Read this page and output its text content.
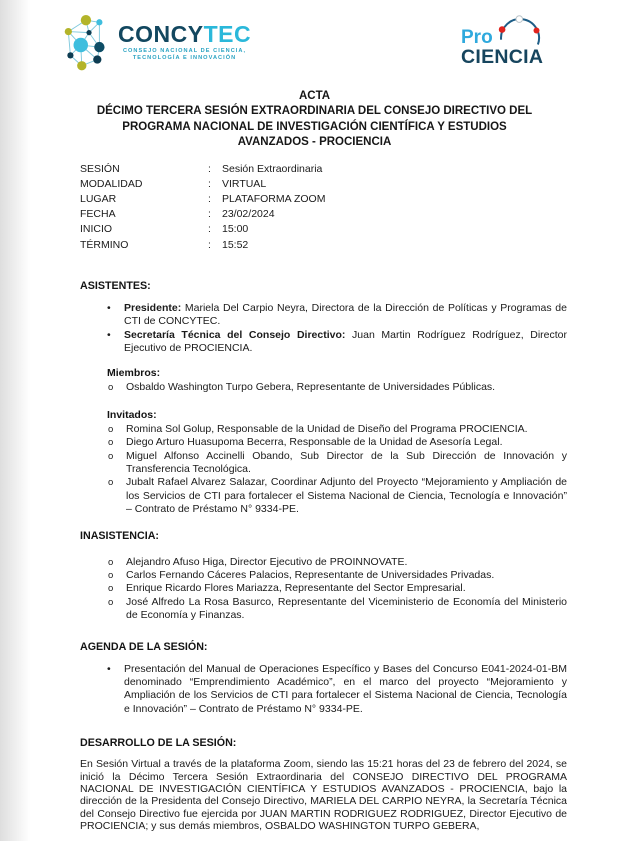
CONCYTEC
CONSEJO NACIONAL DE CIENCIA,
TECNOLOGÍA E INNOVACIÓN
Pro
CIENCIA
ACTA
DÉCIMO TERCERA SESIÓN EXTRAORDINARIA DEL CONSEJO DIRECTIVO DEL
PROGRAMA NACIONAL DE INVESTIGACIÓN CIENTÍFICA Y ESTUDIOS
AVANZADOS - PROCIENCIA
SESIÓN	:	Sesión Extraordinaria
MODALIDAD	:	VIRTUAL
LUGAR	:	PLATAFORMA ZOOM
FECHA	:	23/02/2024
INICIO	:	15:00
TÉRMINO	:	15:52
ASISTENTES:
•	Presidente: Mariela Del Carpio Neyra, Directora de la Dirección de Políticas y Programas de CTI de CONCYTEC.
•	Secretaría Técnica del Consejo Directivo: Juan Martin Rodríguez Rodríguez, Director Ejecutivo de PROCIENCIA.
Miembros:
o	Osbaldo Washington Turpo Gebera, Representante de Universidades Públicas.
Invitados:
o	Romina Sol Golup, Responsable de la Unidad de Diseño del Programa PROCIENCIA.
o	Diego Arturo Huasupoma Becerra, Responsable de la Unidad de Asesoría Legal.
o	Miguel Alfonso Accinelli Obando, Sub Director de la Sub Dirección de Innovación y Transferencia Tecnológica.
o	Jubalt Rafael Alvarez Salazar, Coordinar Adjunto del Proyecto “Mejoramiento y Ampliación de los Servicios de CTI para fortalecer el Sistema Nacional de Ciencia, Tecnología e Innovación” – Contrato de Préstamo N° 9334-PE.
INASISTENCIA:
o	Alejandro Afuso Higa, Director Ejecutivo de PROINNOVATE.
o	Carlos Fernando Cáceres Palacios, Representante de Universidades Privadas.
o	Enrique Ricardo Flores Mariazza, Representante del Sector Empresarial.
o	José Alfredo La Rosa Basurco, Representante del Viceministerio de Economía del Ministerio de Economía y Finanzas.
AGENDA DE LA SESIÓN:
•	Presentación del Manual de Operaciones Específico y Bases del Concurso E041-2024-01-BM denominado “Emprendimiento Académico”, en el marco del proyecto “Mejoramiento y Ampliación de los Servicios de CTI para fortalecer el Sistema Nacional de Ciencia, Tecnología e Innovación” – Contrato de Préstamo N° 9334-PE.
DESARROLLO DE LA SESIÓN:
En Sesión Virtual a través de la plataforma Zoom, siendo las 15:21 horas del 23 de febrero del 2024, se inició la Décimo Tercera Sesión Extraordinaria del CONSEJO DIRECTIVO DEL PROGRAMA NACIONAL DE INVESTIGACIÓN CIENTÍFICA Y ESTUDIOS AVANZADOS - PROCIENCIA, bajo la dirección de la Presidenta del Consejo Directivo, MARIELA DEL CARPIO NEYRA, la Secretaría Técnica del Consejo Directivo fue ejercida por JUAN MARTIN RODRIGUEZ RODRIGUEZ, Director Ejecutivo de PROCIENCIA; y sus demás miembros, OSBALDO WASHINGTON TURPO GEBERA,
